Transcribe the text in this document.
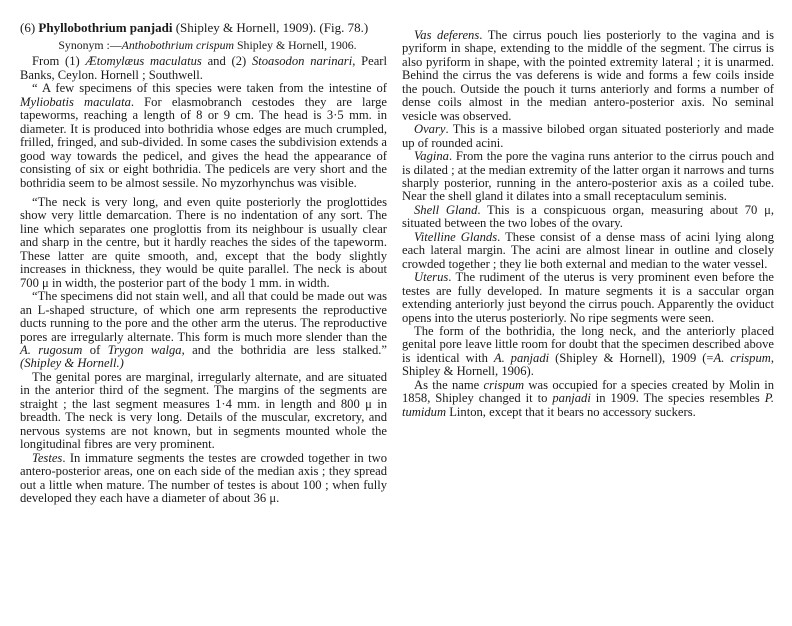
(6) Phyllobothrium panjadi (Shipley & Hornell, 1909). (Fig. 78.)
Synonym :—Anthobothrium crispum Shipley & Hornell, 1906.

From (1) Ætomylæus maculatus and (2) Stoasodon narinari, Pearl Banks, Ceylon. Hornell ; Southwell.

“ A few specimens of this species were taken from the intestine of Myliobatis maculata. For elasmobranch cestodes they are large tapeworms, reaching a length of 8 or 9 cm. The head is 3·5 mm. in diameter. It is produced into bothridia whose edges are much crumpled, frilled, fringed, and sub-divided. In some cases the subdivision extends a good way towards the pedicel, and gives the head the appearance of consisting of six or eight bothridia. The pedicels are very short and the bothridia seem to be almost sessile. No myzorhynchus was visible.

“The neck is very long, and even quite posteriorly the proglottides show very little demarcation. There is no indentation of any sort. The line which separates one proglottis from its neighbour is usually clear and sharp in the centre, but it hardly reaches the sides of the tapeworm. These latter are quite smooth, and, except that the body slightly increases in thickness, they would be quite parallel. The neck is about 700 μ in width, the posterior part of the body 1 mm. in width.

“The specimens did not stain well, and all that could be made out was an L-shaped structure, of which one arm represents the reproductive ducts running to the pore and the other arm the uterus. The reproductive pores are irregularly alternate. This form is much more slender than the A. rugosum of Trygon walga, and the bothridia are less stalked.” (Shipley & Hornell.)

The genital pores are marginal, irregularly alternate, and are situated in the anterior third of the segment. The margins of the segments are straight ; the last segment measures 1·4 mm. in length and 800 μ in breadth. The neck is very long. Details of the muscular, excretory, and nervous systems are not known, but in segments mounted whole the longitudinal fibres are very prominent.

Testes. In immature segments the testes are crowded together in two antero-posterior areas, one on each side of the median axis ; they spread out a little when mature. The number of testes is about 100 ; when fully developed they each have a diameter of about 36 μ.

Vas deferens. The cirrus pouch lies posteriorly to the vagina and is pyriform in shape, extending to the middle of the segment. The cirrus is also pyriform in shape, with the pointed extremity lateral ; it is unarmed. Behind the cirrus the vas deferens is wide and forms a few coils inside the pouch. Outside the pouch it turns anteriorly and forms a number of dense coils almost in the median antero-posterior axis. No seminal vesicle was observed.

Ovary. This is a massive bilobed organ situated posteriorly and made up of rounded acini.

Vagina. From the pore the vagina runs anterior to the cirrus pouch and is dilated ; at the median extremity of the latter organ it narrows and turns sharply posterior, running in the antero-posterior axis as a coiled tube. Near the shell gland it dilates into a small receptaculum seminis.

Shell Gland. This is a conspicuous organ, measuring about 70 μ, situated between the two lobes of the ovary.

Vitelline Glands. These consist of a dense mass of acini lying along each lateral margin. The acini are almost linear in outline and closely crowded together ; they lie both external and median to the water vessel.

Uterus. The rudiment of the uterus is very prominent even before the testes are fully developed. In mature segments it is a saccular organ extending anteriorly just beyond the cirrus pouch. Apparently the oviduct opens into the uterus posteriorly. No ripe segments were seen.

The form of the bothridia, the long neck, and the anteriorly placed genital pore leave little room for doubt that the specimen described above is identical with A. panjadi (Shipley & Hornell), 1909 (=A. crispum, Shipley & Hornell, 1906).

As the name crispum was occupied for a species created by Molin in 1858, Shipley changed it to panjadi in 1909. The species resembles P. tumidum Linton, except that it bears no accessory suckers.
